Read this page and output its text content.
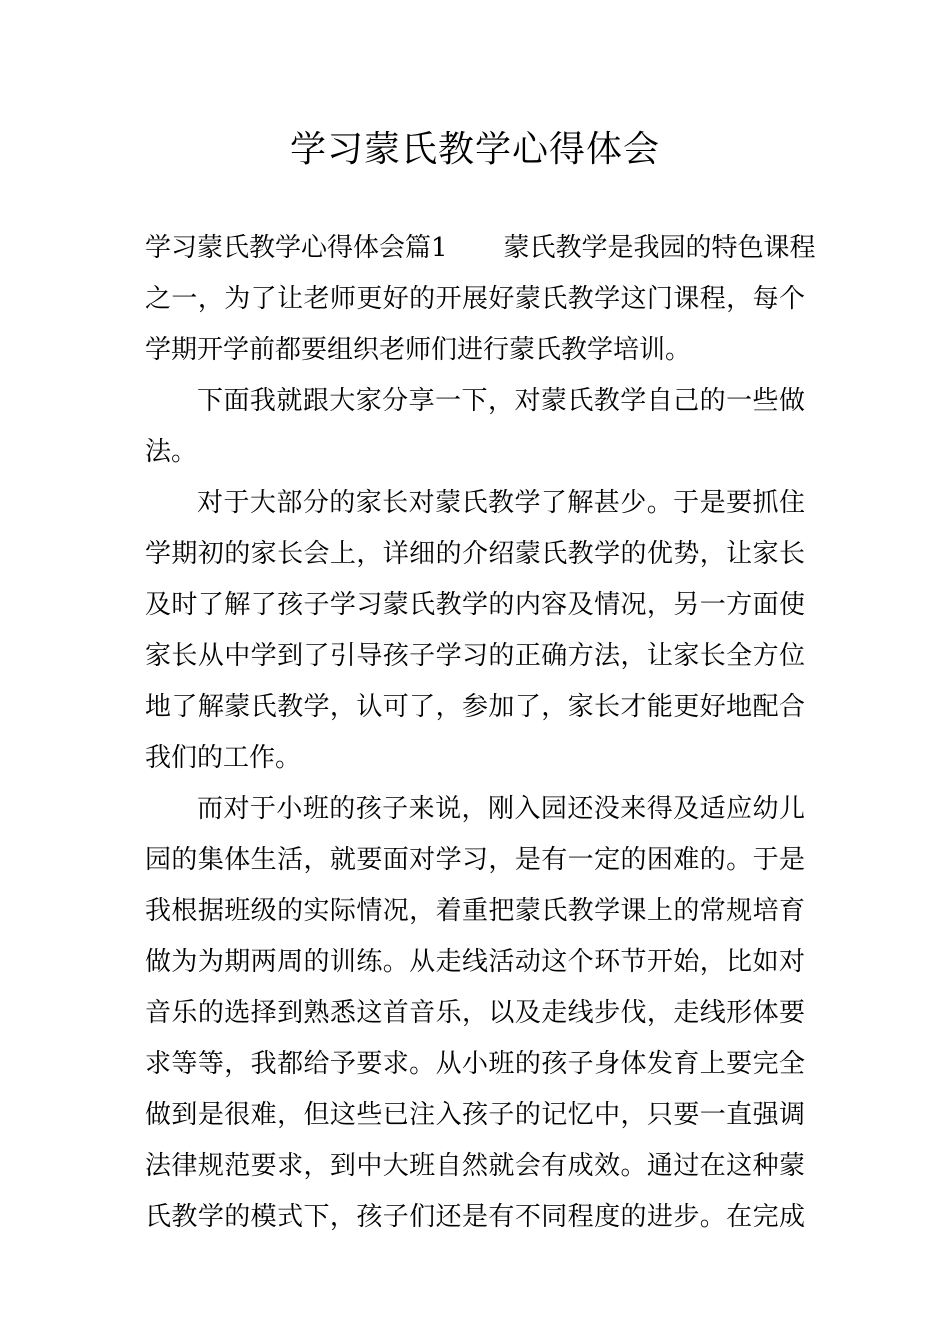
学习蒙氏教学心得体会
学习蒙氏教学心得体会篇1 蒙氏教学是我园的特色课程
之一，为了让老师更好的开展好蒙氏教学这门课程，每个
学期开学前都要组织老师们进行蒙氏教学培训。
下面我就跟大家分享一下，对蒙氏教学自己的一些做
法。
对于大部分的家长对蒙氏教学了解甚少。于是要抓住
学期初的家长会上，详细的介绍蒙氏教学的优势，让家长
及时了解了孩子学习蒙氏教学的内容及情况，另一方面使
家长从中学到了引导孩子学习的正确方法，让家长全方位
地了解蒙氏教学，认可了，参加了，家长才能更好地配合
我们的工作。
而对于小班的孩子来说，刚入园还没来得及适应幼儿
园的集体生活，就要面对学习，是有一定的困难的。于是
我根据班级的实际情况，着重把蒙氏教学课上的常规培育
做为为期两周的训练。从走线活动这个环节开始，比如对
音乐的选择到熟悉这首音乐，以及走线步伐，走线形体要
求等等，我都给予要求。从小班的孩子身体发育上要完全
做到是很难，但这些已注入孩子的记忆中，只要一直强调
法律规范要求，到中大班自然就会有成效。通过在这种蒙
氏教学的模式下，孩子们还是有不同程度的进步。在完成
